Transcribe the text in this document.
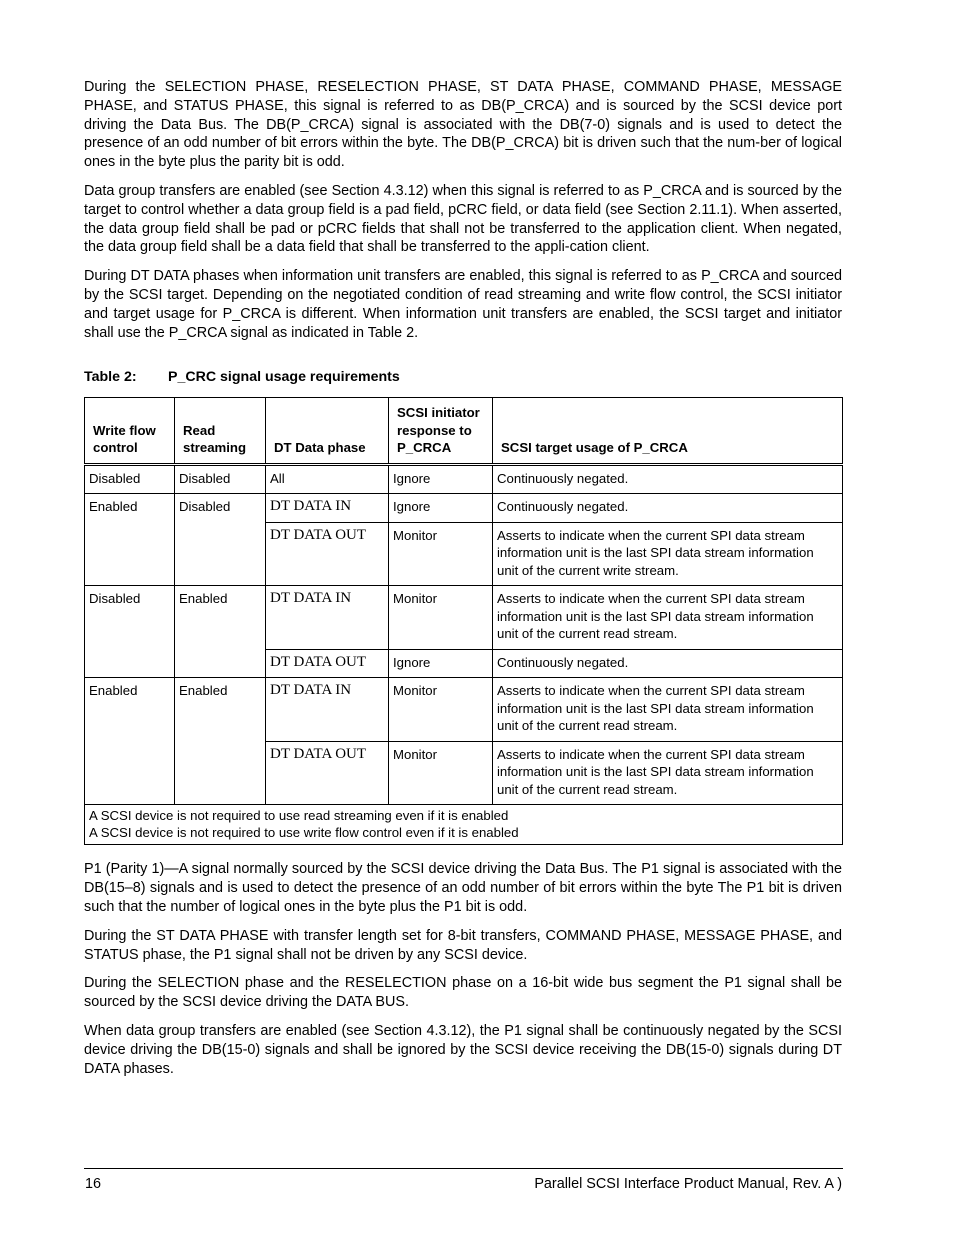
During the SELECTION PHASE, RESELECTION PHASE, ST DATA PHASE, COMMAND PHASE, MESSAGE PHASE, and STATUS PHASE, this signal is referred to as DB(P_CRCA) and is sourced by the SCSI device port driving the Data Bus. The DB(P_CRCA) signal is associated with the DB(7-0) signals and is used to detect the presence of an odd number of bit errors within the byte. The DB(P_CRCA) bit is driven such that the num-ber of logical ones in the byte plus the parity bit is odd.

Data group transfers are enabled (see Section 4.3.12) when this signal is referred to as P_CRCA and is sourced by the target to control whether a data group field is a pad field, pCRC field, or data field (see Section 2.11.1). When asserted, the data group field shall be pad or pCRC fields that shall not be transferred to the application client. When negated, the data group field shall be a data field that shall be transferred to the appli-cation client.

During DT DATA phases when information unit transfers are enabled, this signal is referred to as P_CRCA and sourced by the SCSI target. Depending on the negotiated condition of read streaming and write flow control, the SCSI initiator and target usage for P_CRCA is different. When information unit transfers are enabled, the SCSI target and initiator shall use the P_CRCA signal as indicated in Table 2.

Table 2: P_CRC signal usage requirements
Write flow control	Read streaming	DT Data phase	SCSI initiator response to P_CRCA	SCSI target usage of P_CRCA
Disabled	Disabled	All	Ignore	Continuously negated.
Enabled	Disabled	DT DATA IN	Ignore	Continuously negated.
		DT DATA OUT	Monitor	Asserts to indicate when the current SPI data stream information unit is the last SPI data stream information unit of the current write stream.
Disabled	Enabled	DT DATA IN	Monitor	Asserts to indicate when the current SPI data stream information unit is the last SPI data stream information unit of the current read stream.
		DT DATA OUT	Ignore	Continuously negated.
Enabled	Enabled	DT DATA IN	Monitor	Asserts to indicate when the current SPI data stream information unit is the last SPI data stream information unit of the current read stream.
		DT DATA OUT	Monitor	Asserts to indicate when the current SPI data stream information unit is the last SPI data stream information unit of the current read stream.

A SCSI device is not required to use read streaming even if it is enabled
A SCSI device is not required to use write flow control even if it is enabled				

P1 (Parity 1)—A signal normally sourced by the SCSI device driving the Data Bus. The P1 signal is associated with the DB(15–8) signals and is used to detect the presence of an odd number of bit errors within the byte The P1 bit is driven such that the number of logical ones in the byte plus the P1 bit is odd.

During the ST DATA PHASE with transfer length set for 8-bit transfers, COMMAND PHASE, MESSAGE PHASE, and STATUS phase, the P1 signal shall not be driven by any SCSI device.

During the SELECTION phase and the RESELECTION phase on a 16-bit wide bus segment the P1 signal shall be sourced by the SCSI device driving the DATA BUS.

When data group transfers are enabled (see Section 4.3.12), the P1 signal shall be continuously negated by the SCSI device driving the DB(15-0) signals and shall be ignored by the SCSI device receiving the DB(15-0) signals during DT DATA phases.

16	Parallel SCSI Interface Product Manual, Rev. A )
